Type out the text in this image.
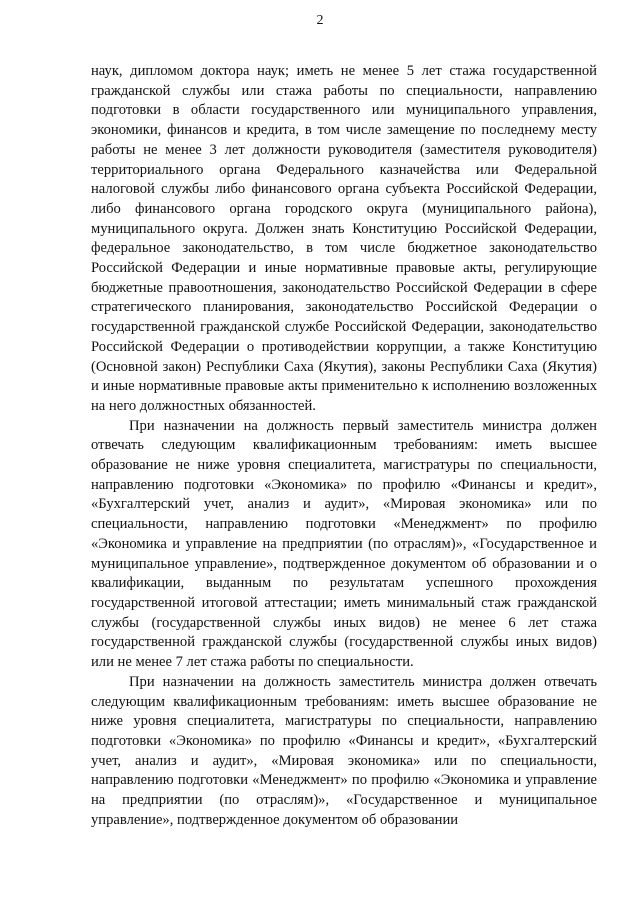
2

наук, дипломом доктора наук; иметь не менее 5 лет стажа государственной гражданской службы или стажа работы по специальности, направлению подготовки в области государственного или муниципального управления, экономики, финансов и кредита, в том числе замещение по последнему месту работы не менее 3 лет должности руководителя (заместителя руководителя) территориального органа Федерального казначейства или Федеральной налоговой службы либо финансового органа субъекта Российской Федерации, либо финансового органа городского округа (муниципального района), муниципального округа. Должен знать Конституцию Российской Федерации, федеральное законодательство, в том числе бюджетное законодательство Российской Федерации и иные нормативные правовые акты, регулирующие бюджетные правоотношения, законодательство Российской Федерации в сфере стратегического планирования, законодательство Российской Федерации о государственной гражданской службе Российской Федерации, законодательство Российской Федерации о противодействии коррупции, а также Конституцию (Основной закон) Республики Саха (Якутия), законы Республики Саха (Якутия) и иные нормативные правовые акты применительно к исполнению возложенных на него должностных обязанностей.

При назначении на должность первый заместитель министра должен отвечать следующим квалификационным требованиям: иметь высшее образование не ниже уровня специалитета, магистратуры по специальности, направлению подготовки «Экономика» по профилю «Финансы и кредит», «Бухгалтерский учет, анализ и аудит», «Мировая экономика» или по специальности, направлению подготовки «Менеджмент» по профилю «Экономика и управление на предприятии (по отраслям)», «Государственное и муниципальное управление», подтвержденное документом об образовании и о квалификации, выданным по результатам успешного прохождения государственной итоговой аттестации; иметь минимальный стаж гражданской службы (государственной службы иных видов) не менее 6 лет стажа государственной гражданской службы (государственной службы иных видов) или не менее 7 лет стажа работы по специальности.

При назначении на должность заместитель министра должен отвечать следующим квалификационным требованиям: иметь высшее образование не ниже уровня специалитета, магистратуры по специальности, направлению подготовки «Экономика» по профилю «Финансы и кредит», «Бухгалтерский учет, анализ и аудит», «Мировая экономика» или по специальности, направлению подготовки «Менеджмент» по профилю «Экономика и управление на предприятии (по отраслям)», «Государственное и муниципальное управление», подтвержденное документом об образовании
